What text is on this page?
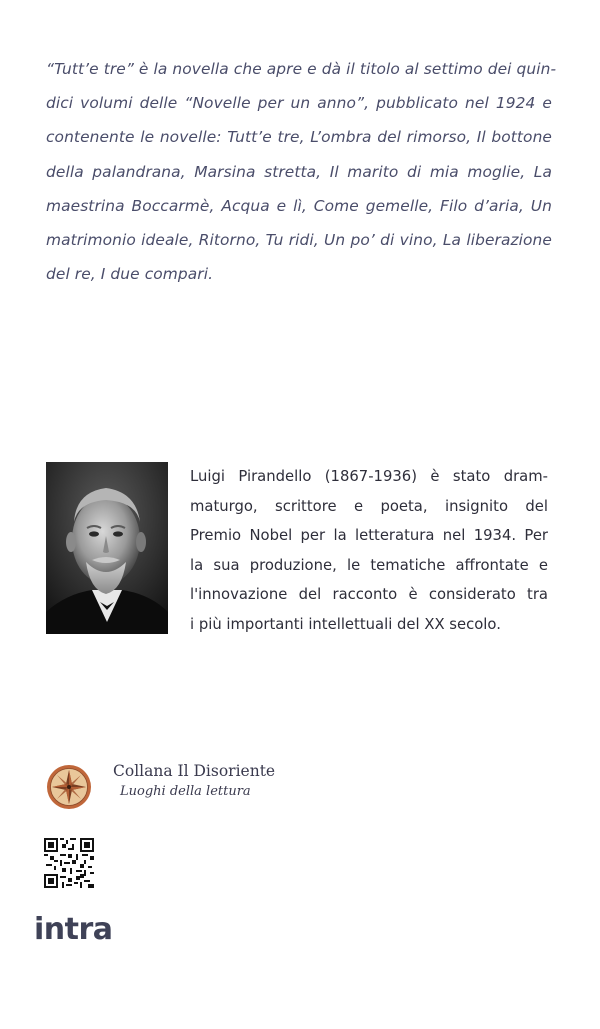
“Tutt’e tre” è la novella che apre e dà il titolo al settimo dei quin-
dici volumi delle “Novelle per un anno”, pubblicato nel 1924 e
contenente le novelle: Tutt’e tre, L’ombra del rimorso, Il bottone
della palandrana, Marsina stretta, Il marito di mia moglie, La
maestrina Boccarmè, Acqua e lì, Come gemelle, Filo d’aria, Un
matrimonio ideale, Ritorno, Tu ridi, Un po’ di vino, La liberazione
del re, I due compari.
Luigi Pirandello (1867-1936) è stato dram-
maturgo, scrittore e poeta, insignito del
Premio Nobel per la letteratura nel 1934. Per
la sua produzione, le tematiche affrontate e
l'innovazione del racconto è considerato tra
i più importanti intellettuali del XX secolo.
Collana Il Disoriente
Luoghi della lettura
intra
